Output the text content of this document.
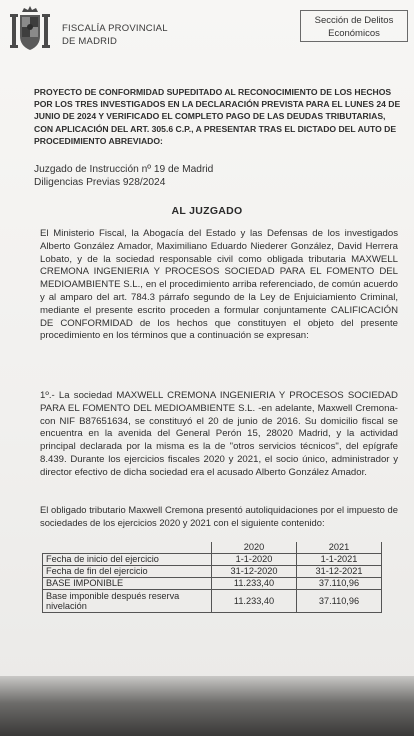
FISCALÍA PROVINCIAL
DE MADRID
Sección de Delitos
Económicos
PROYECTO DE CONFORMIDAD SUPEDITADO AL RECONOCIMIENTO DE LOS HECHOS POR LOS TRES INVESTIGADOS EN LA DECLARACIÓN PREVISTA PARA EL LUNES 24 DE JUNIO DE 2024 Y VERIFICADO EL COMPLETO PAGO DE LAS DEUDAS TRIBUTARIAS, CON APLICACIÓN DEL ART. 305.6 C.P., A PRESENTAR TRAS EL DICTADO DEL AUTO DE PROCEDIMIENTO ABREVIADO:
Juzgado de Instrucción nº 19 de Madrid
Diligencias Previas 928/2024
AL JUZGADO

El Ministerio Fiscal, la Abogacía del Estado y las Defensas de los investigados Alberto González Amador, Maximiliano Eduardo Niederer González, David Herrera Lobato, y de la sociedad responsable civil como obligada tributaria MAXWELL CREMONA INGENIERIA Y PROCESOS SOCIEDAD PARA EL FOMENTO DEL MEDIOAMBIENTE S.L., en el procedimiento arriba referenciado, de común acuerdo y al amparo del art. 784.3 párrafo segundo de la Ley de Enjuiciamiento Criminal, mediante el presente escrito proceden a formular conjuntamente CALIFICACIÓN DE CONFORMIDAD de los hechos que constituyen el objeto del presente procedimiento en los términos que a continuación se expresan:

1º.- La sociedad MAXWELL CREMONA INGENIERIA Y PROCESOS SOCIEDAD PARA EL FOMENTO DEL MEDIOAMBIENTE S.L. -en adelante, Maxwell Cremona- con NIF B87651634, se constituyó el 20 de junio de 2016. Su domicilio fiscal se encuentra en la avenida del General Perón 15, 28020 Madrid, y la actividad principal declarada por la misma es la de "otros servicios técnicos", del epígrafe 8.439. Durante los ejercicios fiscales 2020 y 2021, el socio único, administrador y director efectivo de dicha sociedad era el acusado Alberto González Amador.

El obligado tributario Maxwell Cremona presentó autoliquidaciones por el impuesto de sociedades de los ejercicios 2020 y 2021 con el siguiente contenido:

	2020	2021
Fecha de inicio del ejercicio	1-1-2020	1-1-2021
Fecha de fin del ejercicio	31-12-2020	31-12-2021
BASE IMPONIBLE	11.233,40	37.110,96
Base imponible después reserva nivelación	11.233,40	37.110,96
